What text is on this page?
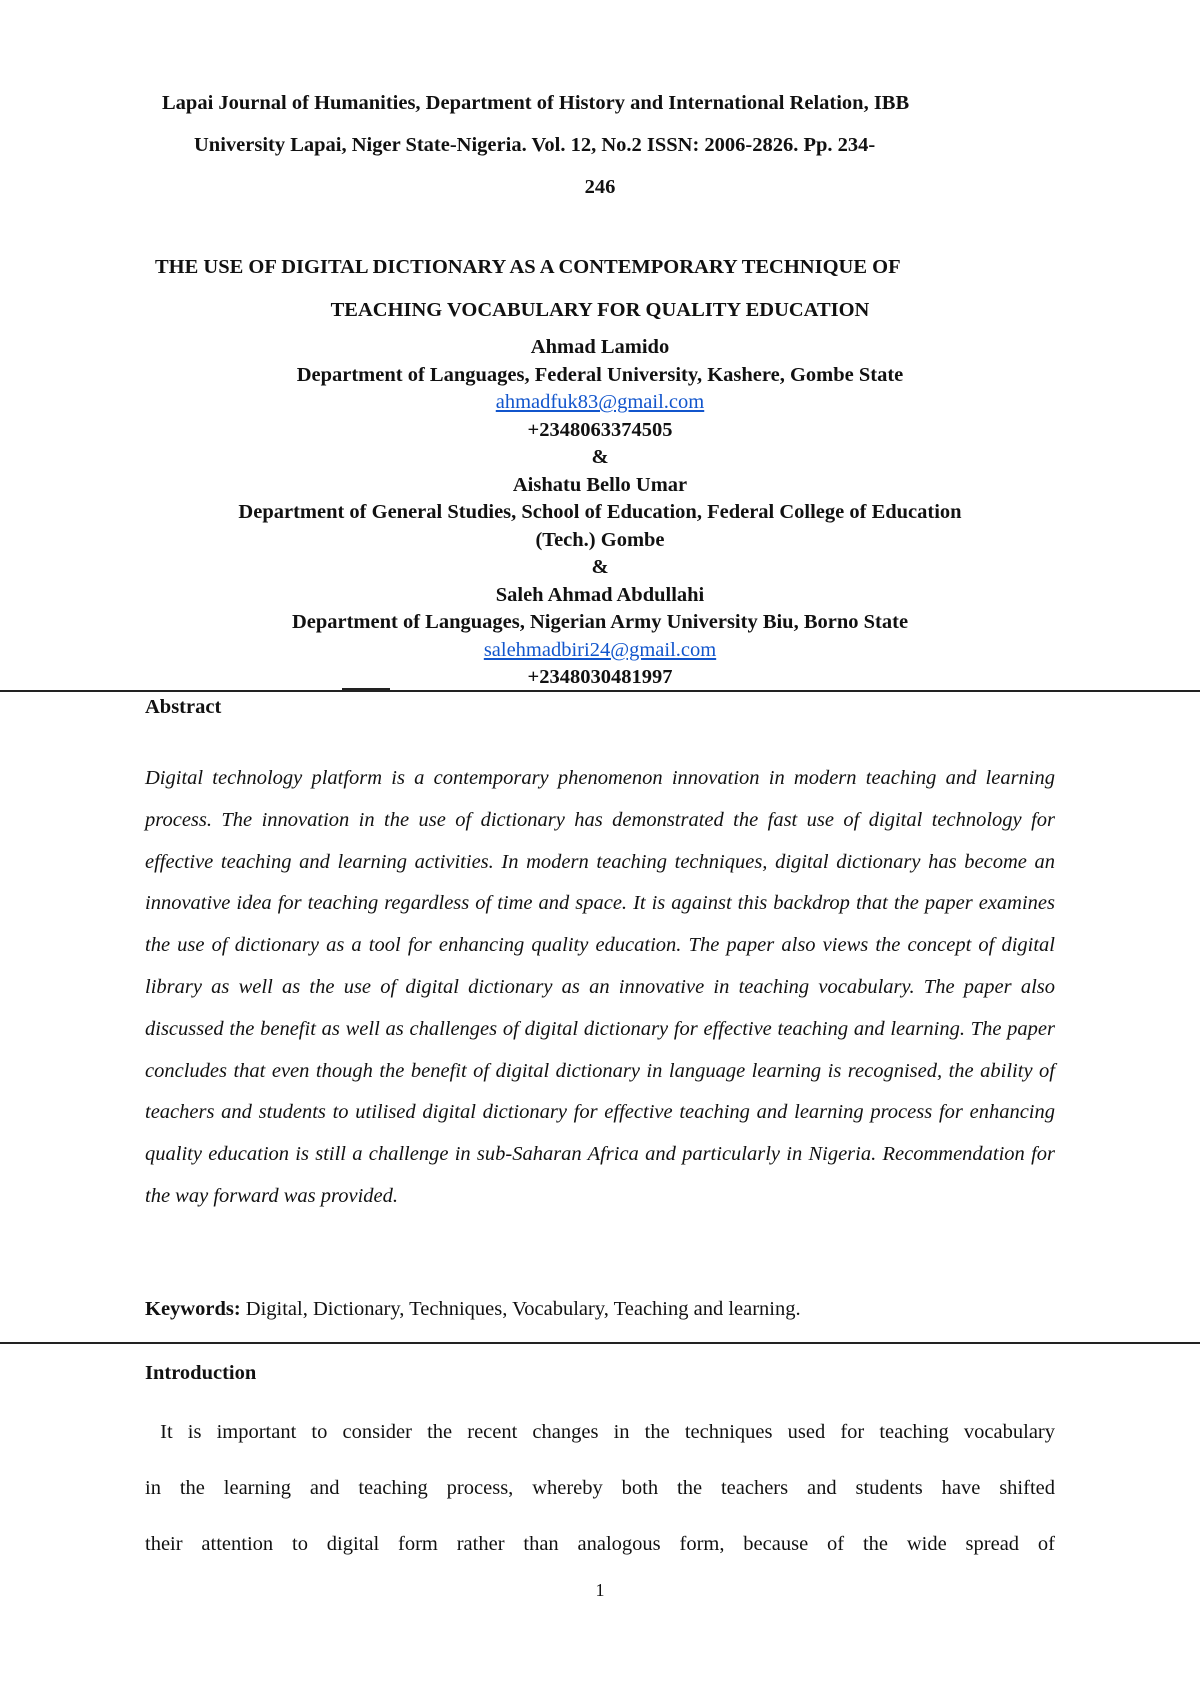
Lapai Journal of Humanities, Department of History and International Relation, IBB
University Lapai, Niger State-Nigeria. Vol. 12, No.2 ISSN: 2006-2826. Pp. 234-
246
THE USE OF DIGITAL DICTIONARY AS A CONTEMPORARY TECHNIQUE OF
TEACHING VOCABULARY FOR QUALITY EDUCATION
Ahmad Lamido
Department of Languages, Federal University, Kashere, Gombe State
ahmadfuk83@gmail.com
+2348063374505
&
Aishatu Bello Umar
Department of General Studies, School of Education, Federal College of Education
(Tech.) Gombe
&
Saleh Ahmad Abdullahi
Department of Languages, Nigerian Army University Biu, Borno State
salehmadbiri24@gmail.com
+2348030481997
Abstract
Digital technology platform is a contemporary phenomenon innovation in modern teaching and learning process. The innovation in the use of dictionary has demonstrated the fast use of digital technology for effective teaching and learning activities. In modern teaching techniques, digital dictionary has become an innovative idea for teaching regardless of time and space. It is against this backdrop that the paper examines the use of dictionary as a tool for enhancing quality education. The paper also views the concept of digital library as well as the use of digital dictionary as an innovative in teaching vocabulary. The paper also discussed the benefit as well as challenges of digital dictionary for effective teaching and learning. The paper concludes that even though the benefit of digital dictionary in language learning is recognised, the ability of teachers and students to utilised digital dictionary for effective teaching and learning process for enhancing quality education is still a challenge in sub-Saharan Africa and particularly in Nigeria. Recommendation for the way forward was provided.
Keywords: Digital, Dictionary, Techniques, Vocabulary, Teaching and learning.
Introduction
It is important to consider the recent changes in the techniques used for teaching vocabulary
in the learning and teaching process, whereby both the teachers and students have shifted
their attention to digital form rather than analogous form, because of the wide spread of
1
